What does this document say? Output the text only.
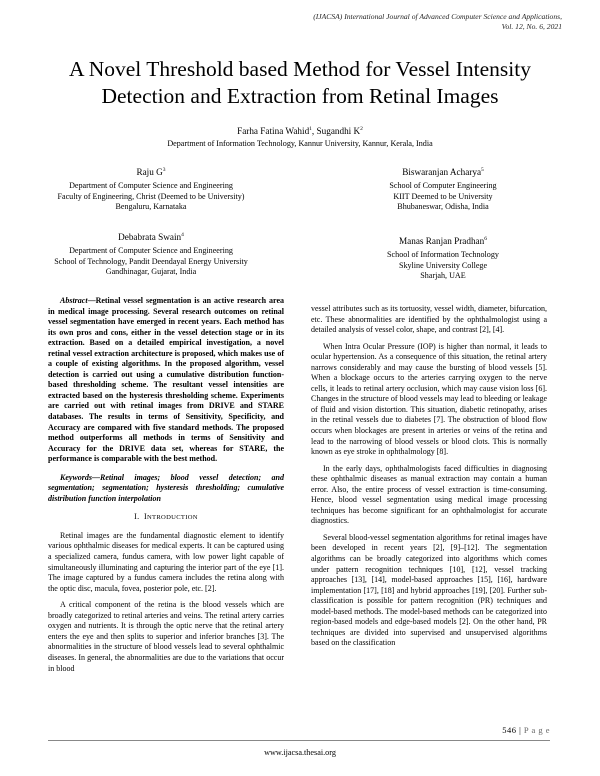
(IJACSA) International Journal of Advanced Computer Science and Applications,
Vol. 12, No. 6, 2021
A Novel Threshold based Method for Vessel Intensity
Detection and Extraction from Retinal Images
Farha Fatina Wahid$^1$, Sugandhi $K^2$
Department of Information Technology, Kannur University, Kannur, Kerala, India
Raju $G^3$
Department of Computer Science and Engineering
Faculty of Engineering, Christ (Deemed to be University)
Bengaluru, Karnataka
Biswaranjan Acharya$^5$
School of Computer Engineering
KIIT Deemed to be University
Bhubaneswar, Odisha, India
Debabrata Swain$^4$
Department of Computer Science and Engineering
School of Technology, Pandit Deendayal Energy University
Gandhinagar, Gujarat, India
Manas Ranjan Pradhan$^6$
School of Information Technology
Skyline University College
Sharjah, UAE

Abstract—Retinal vessel segmentation is an active research area in medical image processing. Several research outcomes on retinal vessel segmentation have emerged in recent years. Each method has its own pros and cons, either in the vessel detection stage or in its extraction. Based on a detailed empirical investigation, a novel retinal vessel extraction architecture is proposed, which makes use of a couple of existing algorithms. In the proposed algorithm, vessel detection is carried out using a cumulative distribution function-based thresholding scheme. The resultant vessel intensities are extracted based on the hysteresis thresholding scheme. Experiments are carried out with retinal images from DRIVE and STARE databases. The results in terms of Sensitivity, Specificity, and Accuracy are compared with five standard methods. The proposed method outperforms all methods in terms of Sensitivity and Accuracy for the DRIVE data set, whereas for STARE, the performance is comparable with the best method.

Keywords—Retinal images; blood vessel detection; and segmentation; segmentation; hysteresis thresholding; cumulative distribution function interpolation

I. INTRODUCTION

Retinal images are the fundamental diagnostic element to identify various ophthalmic diseases for medical experts. It can be captured using a specialized camera, fundus camera, with low power light capable of simultaneously illuminating and capturing the interior part of the eye [1]. The image captured by a fundus camera includes the retina along with the optic disc, macula, fovea, posterior pole, etc. [2].

A critical component of the retina is the blood vessels which are broadly categorized to retinal arteries and veins. The retinal artery carries oxygen and nutrients. It is through the optic nerve that the retinal artery enters the eye and then splits to superior and inferior branches [3]. The abnormalities in the structure of blood vessels lead to several ophthalmic diseases. In general, the abnormalities are due to the variations that occur in blood

vessel attributes such as its tortuosity, vessel width, diameter, bifurcation, etc. These abnormalities are identified by the ophthalmologist using a detailed analysis of vessel color, shape, and contrast [2], [4].

When Intra Ocular Pressure (IOP) is higher than normal, it leads to ocular hypertension. As a consequence of this situation, the retinal artery narrows considerably and may cause the bursting of blood vessels [5]. When a blockage occurs to the arteries carrying oxygen to the nerve cells, it leads to retinal artery occlusion, which may cause vision loss [6]. Changes in the structure of blood vessels may lead to bleeding or leakage of fluid and vision distortion. This situation, diabetic retinopathy, arises in the retinal vessels due to diabetes [7]. The obstruction of blood flow occurs when blockages are present in arteries or veins of the retina and lead to the narrowing of blood vessels or blood clots. This is normally known as eye stroke in ophthalmology [8].

In the early days, ophthalmologists faced difficulties in diagnosing these ophthalmic diseases as manual extraction may contain a human error. Also, the entire process of vessel extraction is time-consuming. Hence, blood vessel segmentation using medical image processing techniques has become significant for an ophthalmologist for accurate diagnostics.

Several blood-vessel segmentation algorithms for retinal images have been developed in recent years [2], [9]–[12]. The segmentation algorithms can be broadly categorized into algorithms which comes under pattern recognition techniques [10], [12], vessel tracking approaches [13], [14], model-based approaches [15], [16], hardware implementation [17], [18] and hybrid approaches [19], [20]. Further sub-classification is possible for pattern recognition (PR) techniques and model-based methods. The model-based methods can be categorized into region-based models and edge-based models [2]. On the other hand, PR techniques are divided into supervised and unsupervised algorithms based on the classification

546 | P a g e
www.ijacsa.thesai.org
